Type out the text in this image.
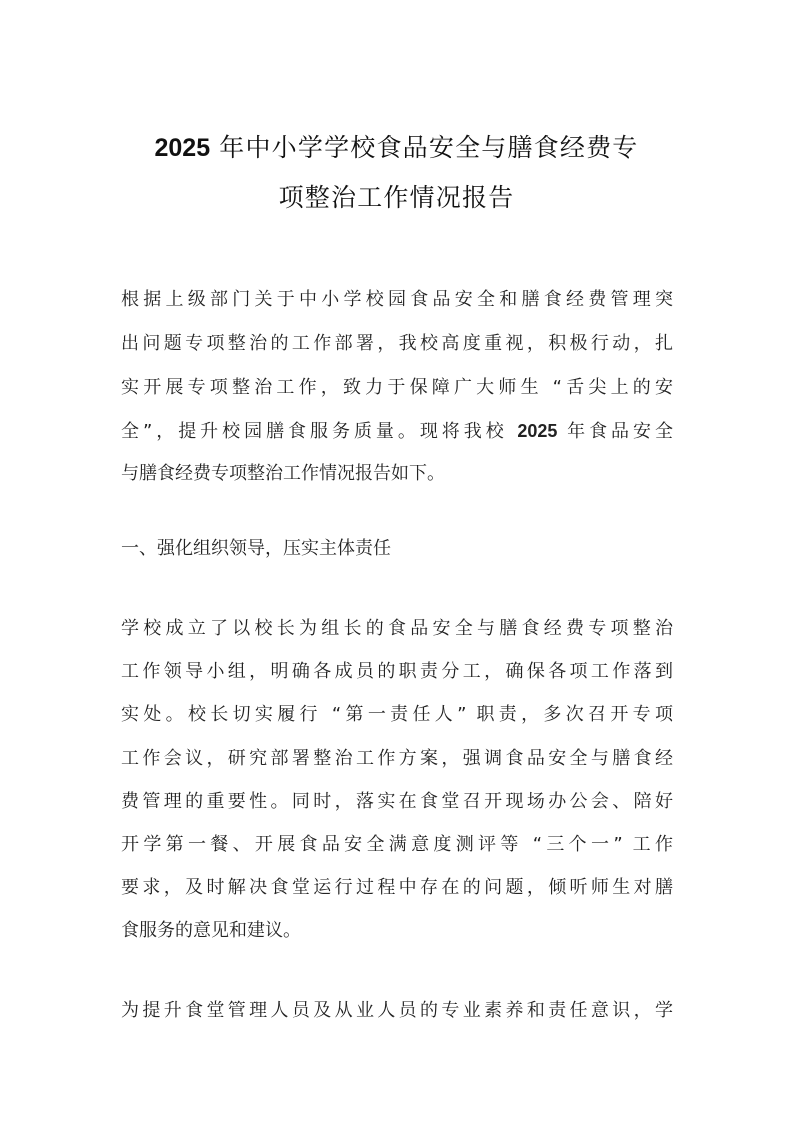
2025 年中小学学校食品安全与膳食经费专
项整治工作情况报告
根据上级部门关于中小学校园食品安全和膳食经费管理突
出问题专项整治的工作部署，我校高度重视，积极行动，扎
实开展专项整治工作，致力于保障广大师生 “舌尖上的安
全”，提升校园膳食服务质量。现将我校 2025 年食品安全
与膳食经费专项整治工作情况报告如下。
一、强化组织领导，压实主体责任
学校成立了以校长为组长的食品安全与膳食经费专项整治
工作领导小组，明确各成员的职责分工，确保各项工作落到
实处。校长切实履行 “第一责任人” 职责，多次召开专项
工作会议，研究部署整治工作方案，强调食品安全与膳食经
费管理的重要性。同时，落实在食堂召开现场办公会、陪好
开学第一餐、开展食品安全满意度测评等 “三个一” 工作
要求，及时解决食堂运行过程中存在的问题，倾听师生对膳
食服务的意见和建议。
为提升食堂管理人员及从业人员的专业素养和责任意识，学
